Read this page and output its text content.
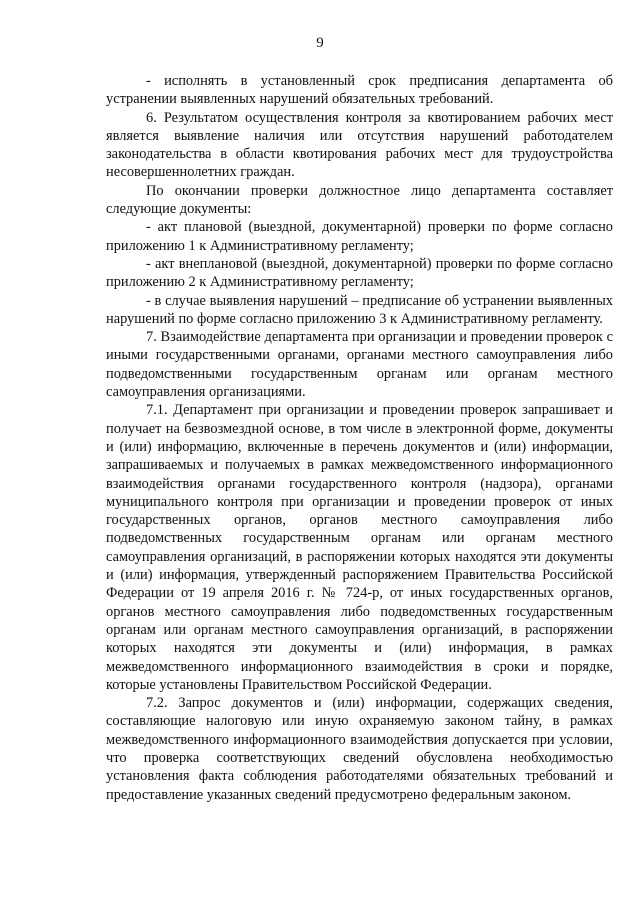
9

- исполнять в установленный срок предписания департамента об устранении выявленных нарушений обязательных требований.

6. Результатом осуществления контроля за квотированием рабочих мест является выявление наличия или отсутствия нарушений работодателем законодательства в области квотирования рабочих мест для трудоустройства несовершеннолетних граждан.

По окончании проверки должностное лицо департамента составляет следующие документы:

- акт плановой (выездной, документарной) проверки по форме согласно приложению 1 к Административному регламенту;

- акт внеплановой (выездной, документарной) проверки по форме согласно приложению 2 к Административному регламенту;

- в случае выявления нарушений – предписание об устранении выявленных нарушений по форме согласно приложению 3 к Административному регламенту.

7. Взаимодействие департамента при организации и проведении проверок с иными государственными органами, органами местного самоуправления либо подведомственными государственным органам или органам местного самоуправления организациями.

7.1. Департамент при организации и проведении проверок запрашивает и получает на безвозмездной основе, в том числе в электронной форме, документы и (или) информацию, включенные в перечень документов и (или) информации, запрашиваемых и получаемых в рамках межведомственного информационного взаимодействия органами государственного контроля (надзора), органами муниципального контроля при организации и проведении проверок от иных государственных органов, органов местного самоуправления либо подведомственных государственным органам или органам местного самоуправления организаций, в распоряжении которых находятся эти документы и (или) информация, утвержденный распоряжением Правительства Российской Федерации от 19 апреля 2016 г. № 724-р, от иных государственных органов, органов местного самоуправления либо подведомственных государственным органам или органам местного самоуправления организаций, в распоряжении которых находятся эти документы и (или) информация, в рамках межведомственного информационного взаимодействия в сроки и порядке, которые установлены Правительством Российской Федерации.

7.2. Запрос документов и (или) информации, содержащих сведения, составляющие налоговую или иную охраняемую законом тайну, в рамках межведомственного информационного взаимодействия допускается при условии, что проверка соответствующих сведений обусловлена необходимостью установления факта соблюдения работодателями обязательных требований и предоставление указанных сведений предусмотрено федеральным законом.
